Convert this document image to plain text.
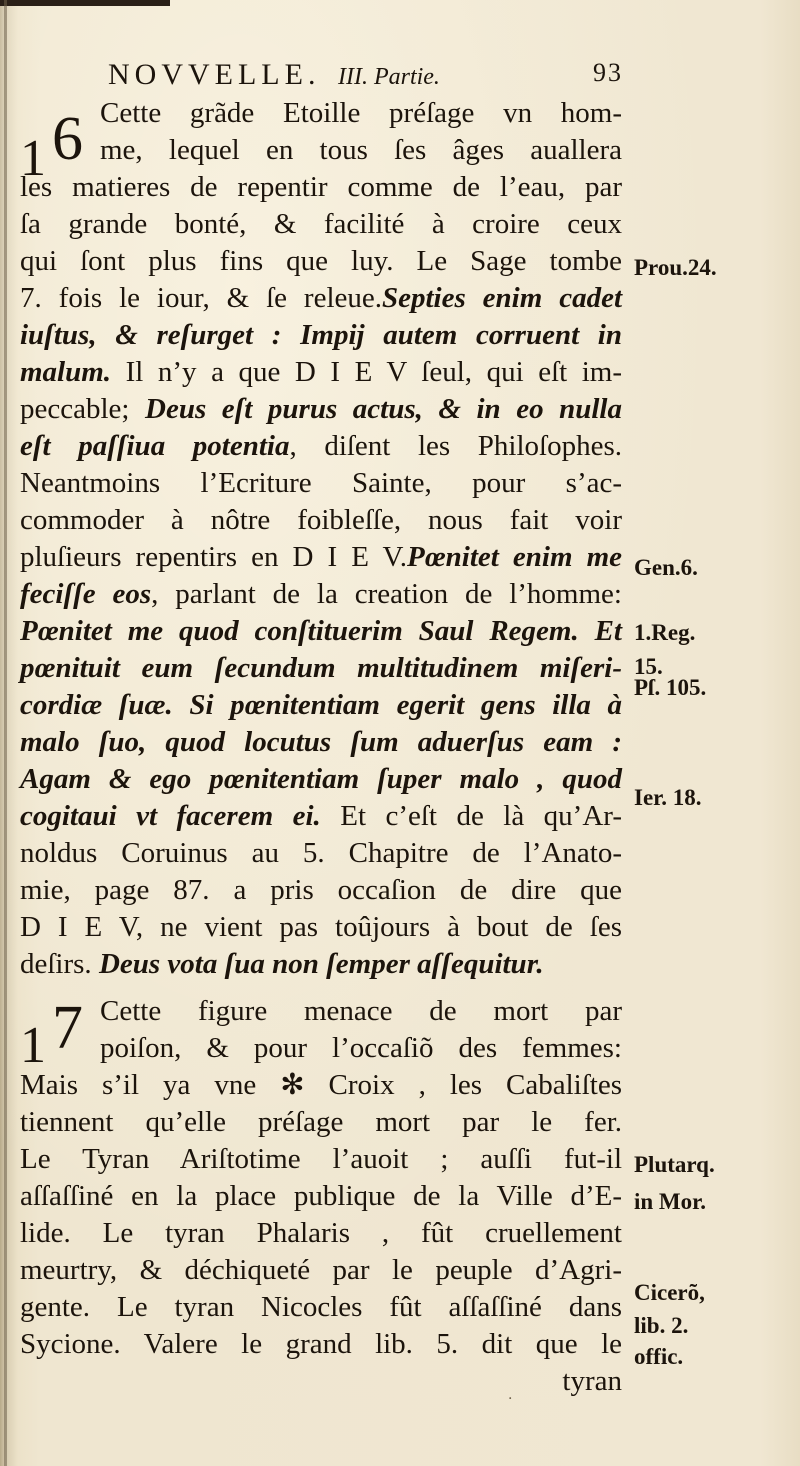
NOVVELLE. III. Partie.	93
16
17
Cette grãde Etoille préſage vn hom-
me, lequel en tous ſes âges auallera
les matieres de repentir comme de l’eau, par
ſa grande bonté, & facilité à croire ceux
qui ſont plus fins que luy. Le Sage tombe
7. fois le iour, & ſe releue.Septies enim cadet
iuſtus, & reſurget : Impij autem corruent in
malum. Il n’y a que D I E V ſeul, qui eſt im-
peccable; Deus eſt purus actus, & in eo nulla
eſt paſſiua potentia, diſent les Philoſophes.
Neantmoins l’Ecriture Sainte, pour s’ac-
commoder à nôtre foibleſſe, nous fait voir
pluſieurs repentirs en D I E V.Pœnitet enim me
feciſſe eos, parlant de la creation de l’homme:
Pœnitet me quod conſtituerim Saul Regem. Et
pœnituit eum ſecundum multitudinem miſeri-
cordiæ ſuæ. Si pœnitentiam egerit gens illa à
malo ſuo, quod locutus ſum aduerſus eam :
Agam & ego pœnitentiam ſuper malo , quod
cogitaui vt facerem ei. Et c’eſt de là qu’Ar-
noldus Coruinus au 5. Chapitre de l’Anato-
mie, page 87. a pris occaſion de dire que
D I E V, ne vient pas toûjours à bout de ſes
deſirs. Deus vota ſua non ſemper aſſequitur.
Cette figure menace de mort par
poiſon, & pour l’occaſiõ des femmes:
Mais s’il ya vne ✻ Croix , les Cabaliſtes
tiennent qu’elle préſage mort par le fer.
Le Tyran Ariſtotime l’auoit ; auſſi fut-il
aſſaſſiné en la place publique de la Ville d’E-
lide. Le tyran Phalaris , fût cruellement
meurtry, & déchiqueté par le peuple d’Agri-
gente. Le tyran Nicocles fût aſſaſſiné dans
Sycione. Valere le grand lib. 5. dit que le
tyran
Prou.24.
Gen.6.
1.Reg.
15.
Pſ. 105.
Ier. 18.
Plutarq.
in Mor.
Cicerõ,
lib. 2.
offic.
·
